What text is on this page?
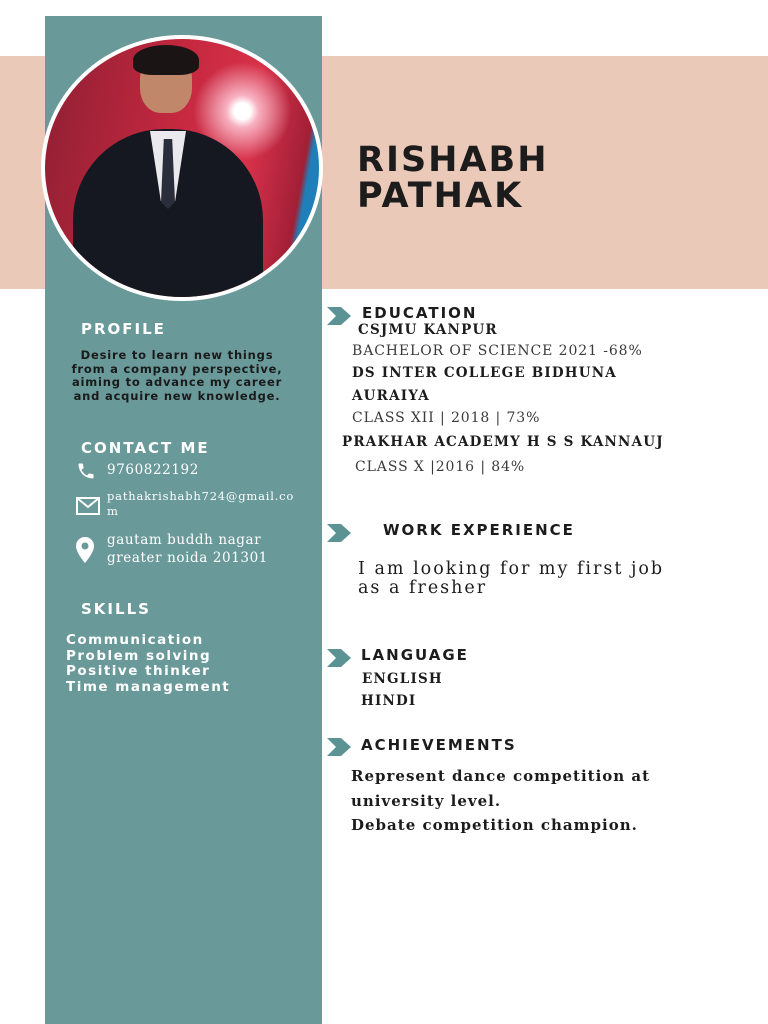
RISHABH
PATHAK
PROFILE
Desire to learn new things from a company perspective, aiming to advance my career and acquire new knowledge.
CONTACT ME
9760822192
pathakrishabh724@gmail.com
gautam buddh nagar
greater noida 201301
SKILLS
Communication
Problem solving
Positive thinker
Time management
EDUCATION
CSJMU KANPUR
BACHELOR OF SCIENCE 2021 -68%
DS INTER COLLEGE BIDHUNA
AURAIYA
CLASS XII | 2018 | 73%
PRAKHAR ACADEMY H S S KANNAUJ
CLASS X |2016 | 84%
WORK EXPERIENCE
I am looking for my first job
as a fresher
LANGUAGE
ENGLISH
HINDI
ACHIEVEMENTS
Represent dance competition at
university level.
Debate competition champion.
